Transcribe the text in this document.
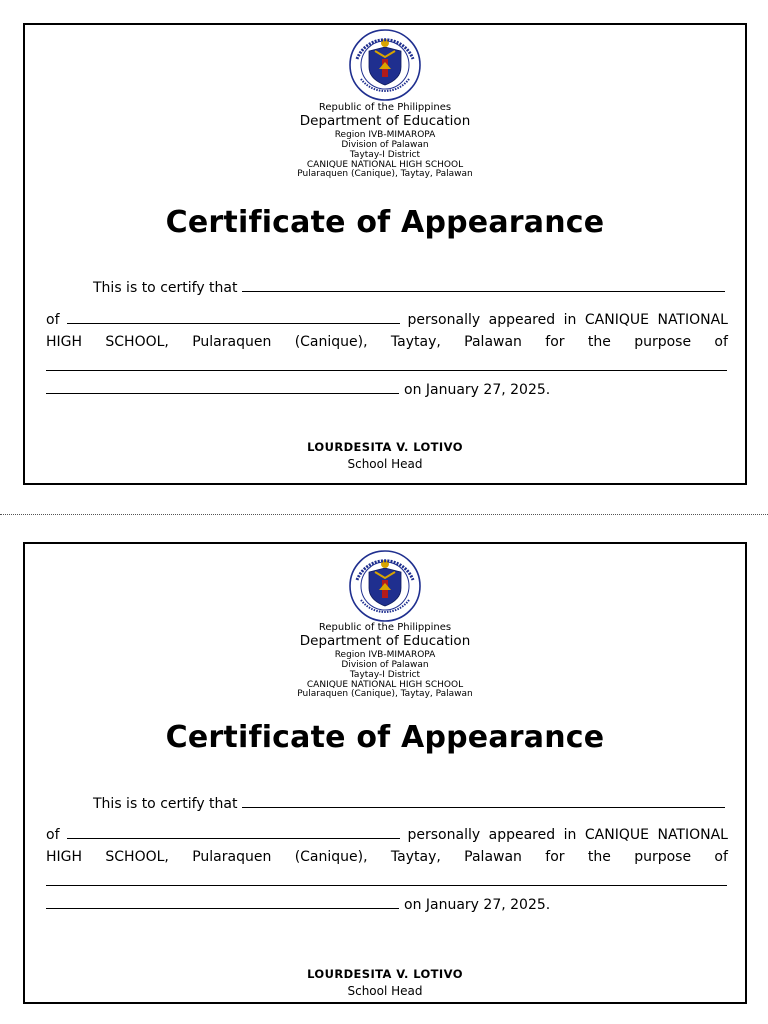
Republic of the Philippines
Department of Education
Region IVB-MIMAROPA
Division of Palawan
Taytay-I District
CANIQUE NATIONAL HIGH SCHOOL
Pularaquen (Canique), Taytay, Palawan
Certificate of Appearance
This is to certify that
of	personally appeared in CANIQUE NATIONAL
HIGH SCHOOL, Pularaquen (Canique), Taytay, Palawan for the purpose of
on January 27, 2025.
LOURDESITA V. LOTIVO
School Head
Republic of the Philippines
Department of Education
Region IVB-MIMAROPA
Division of Palawan
Taytay-I District
CANIQUE NATIONAL HIGH SCHOOL
Pularaquen (Canique), Taytay, Palawan
Certificate of Appearance
This is to certify that
of	personally appeared in CANIQUE NATIONAL
HIGH SCHOOL, Pularaquen (Canique), Taytay, Palawan for the purpose of
on January 27, 2025.
LOURDESITA V. LOTIVO
School Head
